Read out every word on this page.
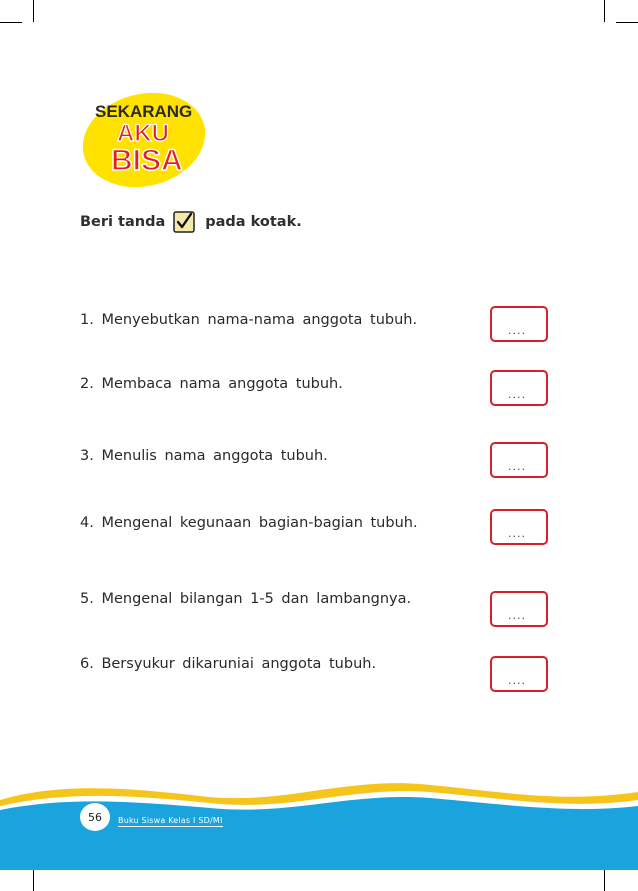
SEKARANG
AKU
BISA
Beri tanda	pada kotak.
1. Menyebutkan nama-nama anggota tubuh.
....
2. Membaca nama anggota tubuh.
....
3. Menulis nama anggota tubuh.
....
4. Mengenal kegunaan bagian-bagian tubuh.
....
5. Mengenal bilangan 1-5 dan lambangnya.
....
6. Bersyukur dikaruniai anggota tubuh.
....
56	Buku Siswa Kelas I SD/MI
